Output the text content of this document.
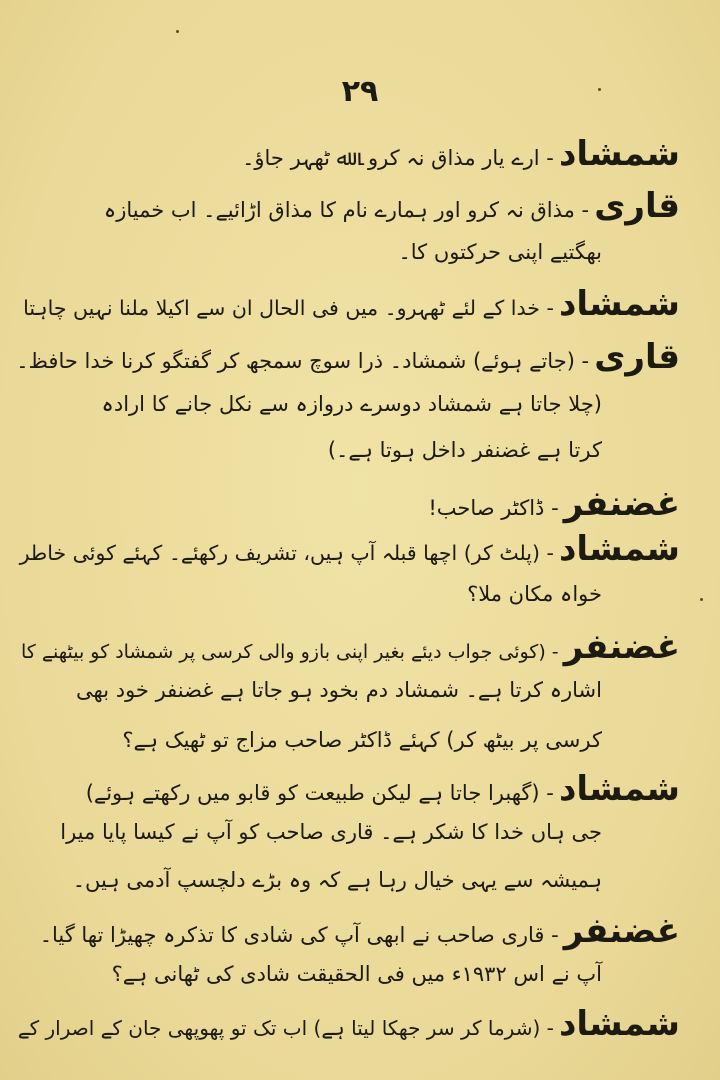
۲۹
شمشاد - ارے یار مذاق نہ کرو۔ ﷲ ٹھہر جاؤ۔
قاری - مذاق نہ کرو اور ہمارے نام کا مذاق اڑائیے۔ اب خمیازہ
بھگتیے اپنی حرکتوں کا۔
شمشاد - خدا کے لئے ٹھہرو۔ میں فی الحال ان سے اکیلا ملنا نہیں چاہتا
قاری - (جاتے ہوئے) شمشاد۔ ذرا سوچ سمجھ کر گفتگو کرنا خدا حافظ۔
(چلا جاتا ہے شمشاد دوسرے دروازہ سے نکل جانے کا ارادہ
کرتا ہے غضنفر داخل ہوتا ہے۔)
غضنفر - ڈاکٹر صاحب!
شمشاد - (پلٹ کر) اچھا قبلہ آپ ہیں، تشریف رکھئے۔ کہئے کوئی خاطر
خواہ مکان ملا؟
غضنفر - (کوئی جواب دیئے بغیر اپنی بازو والی کرسی پر شمشاد کو بیٹھنے کا
اشارہ کرتا ہے۔ شمشاد دم بخود ہو جاتا ہے غضنفر خود بھی
کرسی پر بیٹھ کر) کہئے ڈاکٹر صاحب مزاج تو ٹھیک ہے؟
شمشاد - (گھبرا جاتا ہے لیکن طبیعت کو قابو میں رکھتے ہوئے)
جی ہاں خدا کا شکر ہے۔ قاری صاحب کو آپ نے کیسا پایا میرا
ہمیشہ سے یہی خیال رہا ہے کہ وہ بڑے دلچسپ آدمی ہیں۔
غضنفر - قاری صاحب نے ابھی آپ کی شادی کا تذکرہ چھیڑا تھا گیا۔
آپ نے اس ۱۹۳۲ء میں فی الحقیقت شادی کی ٹھانی ہے؟
شمشاد - (شرما کر سر جھکا لیتا ہے) اب تک تو پھوپھی جان کے اصرار کے
